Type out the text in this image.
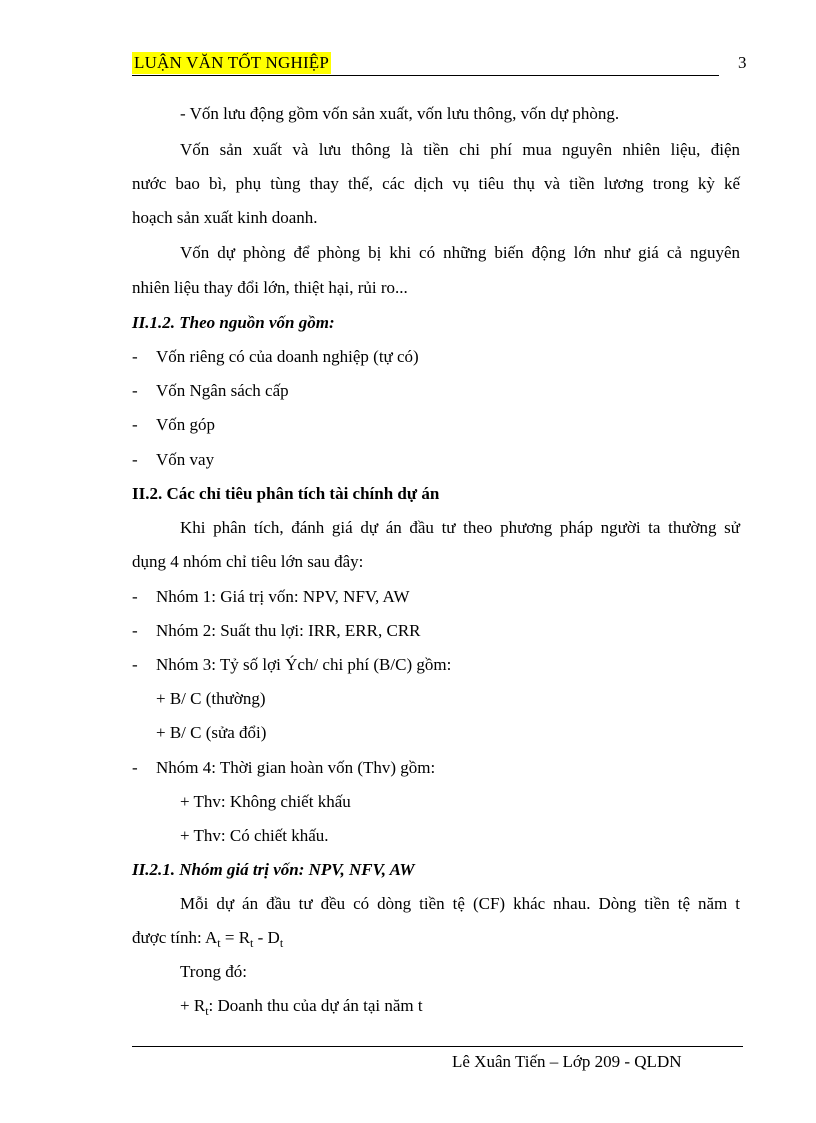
LUẬN VĂN TỐT NGHIỆP	3
- Vốn lưu động gồm vốn sản xuất, vốn lưu thông, vốn dự phòng.
Vốn sản xuất và lưu thông là tiền chi phí mua nguyên nhiên liệu, điện
nước bao bì, phụ tùng thay thế, các dịch vụ tiêu thụ và tiền lương trong kỳ kế
hoạch sản xuất kinh doanh.
Vốn dự phòng để phòng bị khi có những biến động lớn như giá cả nguyên
nhiên liệu thay đổi lớn, thiệt hại, rủi ro...
II.1.2. Theo nguồn vốn gồm:
- Vốn riêng có của doanh nghiệp (tự có)
- Vốn Ngân sách cấp
- Vốn góp
- Vốn vay
II.2. Các chỉ tiêu phân tích tài chính dự án
Khi phân tích, đánh giá dự án đầu tư theo phương pháp người ta thường sử
dụng 4 nhóm chỉ tiêu lớn sau đây:
- Nhóm 1: Giá trị vốn: NPV, NFV, AW
- Nhóm 2: Suất thu lợi: IRR, ERR, CRR
- Nhóm 3: Tỷ số lợi Ých/ chi phí (B/C) gồm:
+ B/ C (thường)
+ B/ C (sửa đổi)
- Nhóm 4: Thời gian hoàn vốn (Thv) gồm:
+ Thv: Không chiết khấu
+ Thv: Có chiết khấu.
II.2.1. Nhóm giá trị vốn: NPV, NFV, AW
Mỗi dự án đầu tư đều có dòng tiền tệ (CF) khác nhau. Dòng tiền tệ năm t
được tính: $A_t = R_t - D_t$
Trong đó:
+ $R_t$: Doanh thu của dự án tại năm t
Lê Xuân Tiến – Lớp 209 - QLDN
